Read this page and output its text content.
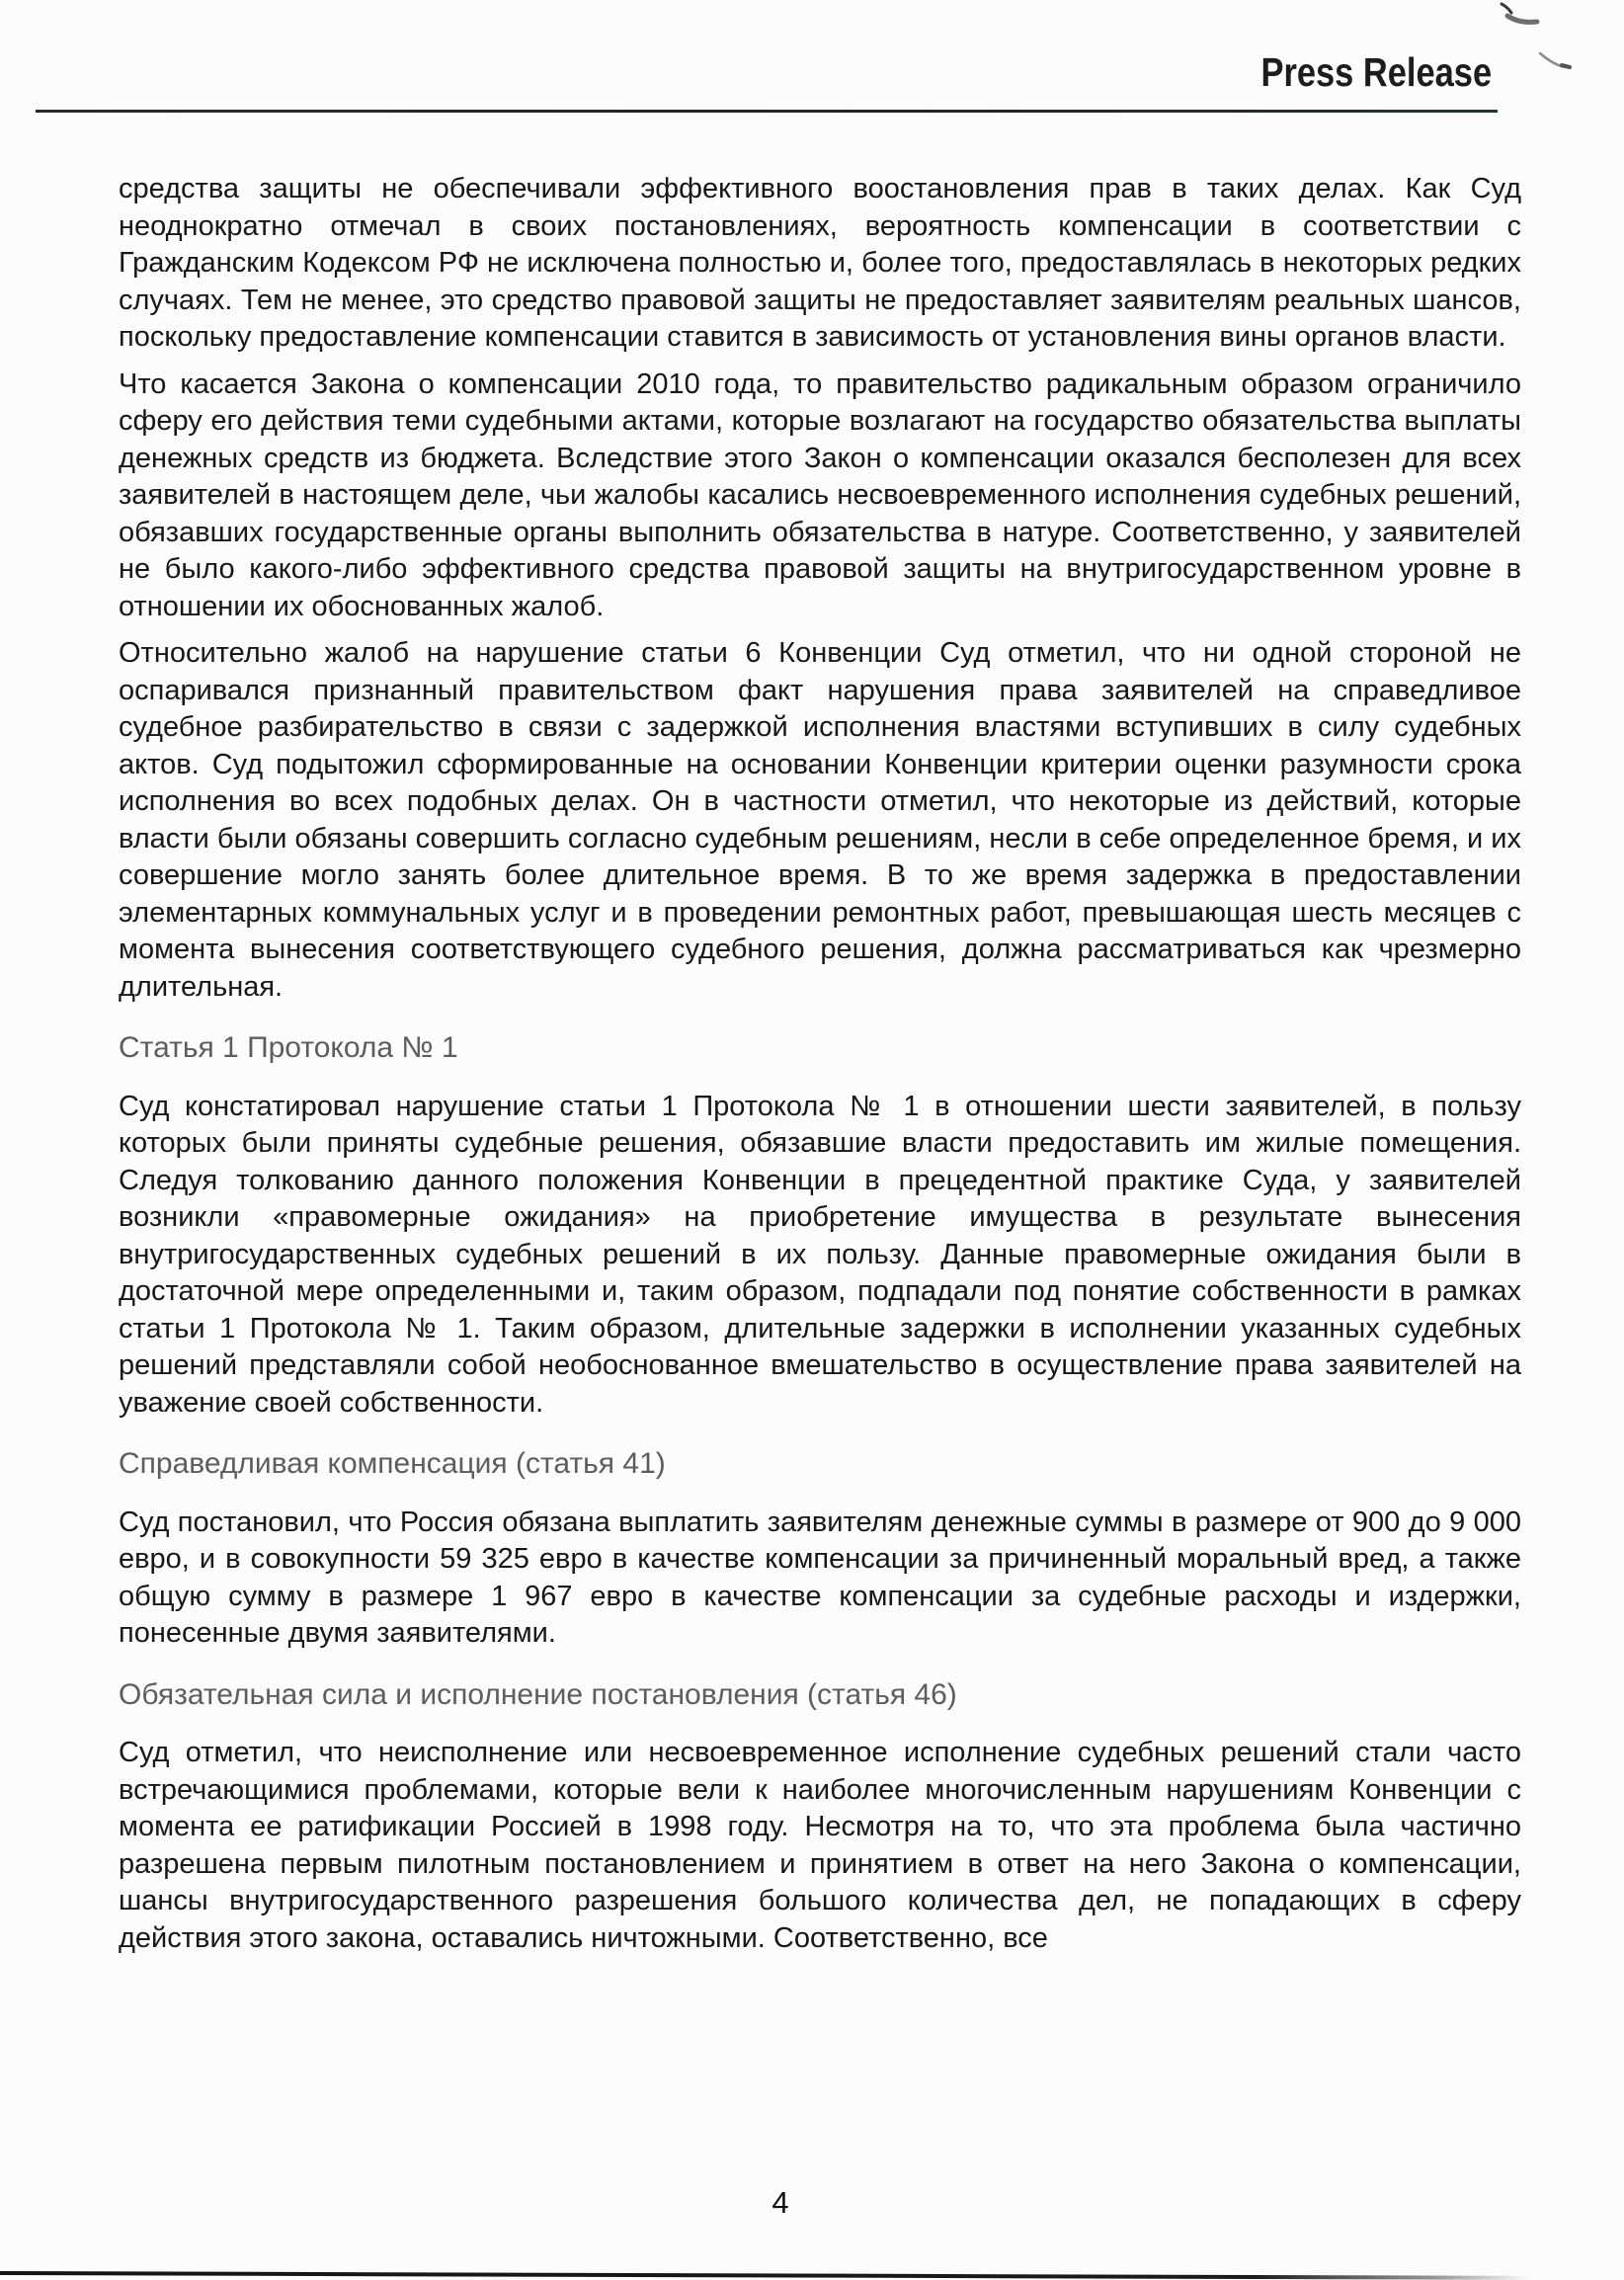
Press Release

средства защиты не обеспечивали эффективного воостановления прав в таких делах. Как Суд неоднократно отмечал в своих постановлениях, вероятность компенсации в соответствии с Гражданским Кодексом РФ не исключена полностью и, более того, предоставлялась в некоторых редких случаях. Тем не менее, это средство правовой защиты не предоставляет заявителям реальных шансов, поскольку предоставление компенсации ставится в зависимость от установления вины органов власти.

Что касается Закона о компенсации 2010 года, то правительство радикальным образом ограничило сферу его действия теми судебными актами, которые возлагают на государство обязательства выплаты денежных средств из бюджета. Вследствие этого Закон о компенсации оказался бесполезен для всех заявителей в настоящем деле, чьи жалобы касались несвоевременного исполнения судебных решений, обязавших государственные органы выполнить обязательства в натуре. Соответственно, у заявителей не было какого-либо эффективного средства правовой защиты на внутригосударственном уровне в отношении их обоснованных жалоб.

Относительно жалоб на нарушение статьи 6 Конвенции Суд отметил, что ни одной стороной не оспаривался признанный правительством факт нарушения права заявителей на справедливое судебное разбирательство в связи с задержкой исполнения властями вступивших в силу судебных актов. Суд подытожил сформированные на основании Конвенции критерии оценки разумности срока исполнения во всех подобных делах. Он в частности отметил, что некоторые из действий, которые власти были обязаны совершить согласно судебным решениям, несли в себе определенное бремя, и их совершение могло занять более длительное время. В то же время задержка в предоставлении элементарных коммунальных услуг и в проведении ремонтных работ, превышающая шесть месяцев с момента вынесения соответствующего судебного решения, должна рассматриваться как чрезмерно длительная.

Статья 1 Протокола № 1

Суд констатировал нарушение статьи 1 Протокола № 1 в отношении шести заявителей, в пользу которых были приняты судебные решения, обязавшие власти предоставить им жилые помещения. Следуя толкованию данного положения Конвенции в прецедентной практике Суда, у заявителей возникли «правомерные ожидания» на приобретение имущества в результате вынесения внутригосударственных судебных решений в их пользу. Данные правомерные ожидания были в достаточной мере определенными и, таким образом, подпадали под понятие собственности в рамках статьи 1 Протокола № 1. Таким образом, длительные задержки в исполнении указанных судебных решений представляли собой необоснованное вмешательство в осуществление права заявителей на уважение своей собственности.

Справедливая компенсация (статья 41)

Суд постановил, что Россия обязана выплатить заявителям денежные суммы в размере от 900 до 9 000 евро, и в совокупности 59 325 евро в качестве компенсации за причиненный моральный вред, а также общую сумму в размере 1 967 евро в качестве компенсации за судебные расходы и издержки, понесенные двумя заявителями.

Обязательная сила и исполнение постановления (статья 46)

Суд отметил, что неисполнение или несвоевременное исполнение судебных решений стали часто встречающимися проблемами, которые вели к наиболее многочисленным нарушениям Конвенции с момента ее ратификации Россией в 1998 году. Несмотря на то, что эта проблема была частично разрешена первым пилотным постановлением и принятием в ответ на него Закона о компенсации, шансы внутригосударственного разрешения большого количества дел, не попадающих в сферу действия этого закона, оставались ничтожными. Соответственно, все

4
